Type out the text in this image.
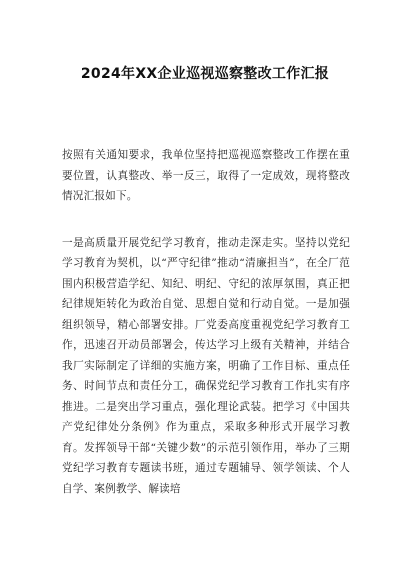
2024年XX企业巡视巡察整改工作汇报

按照有关通知要求，我单位坚持把巡视巡察整改工作摆在重要位置，认真整改、举一反三，取得了一定成效，现将整改情况汇报如下。

一是高质量开展党纪学习教育，推动走深走实。坚持以党纪学习教育为契机，以“严守纪律”推动“清廉担当”，在全厂范围内积极营造学纪、知纪、明纪、守纪的浓厚氛围，真正把纪律规矩转化为政治自觉、思想自觉和行动自觉。一是加强组织领导，精心部署安排。厂党委高度重视党纪学习教育工作，迅速召开动员部署会，传达学习上级有关精神，并结合我厂实际制定了详细的实施方案，明确了工作目标、重点任务、时间节点和责任分工，确保党纪学习教育工作扎实有序推进。二是突出学习重点，强化理论武装。把学习《中国共产党纪律处分条例》作为重点，采取多种形式开展学习教育。发挥领导干部“关键少数”的示范引领作用，举办了三期党纪学习教育专题读书班，通过专题辅导、领学领读、个人自学、案例教学、解读培
